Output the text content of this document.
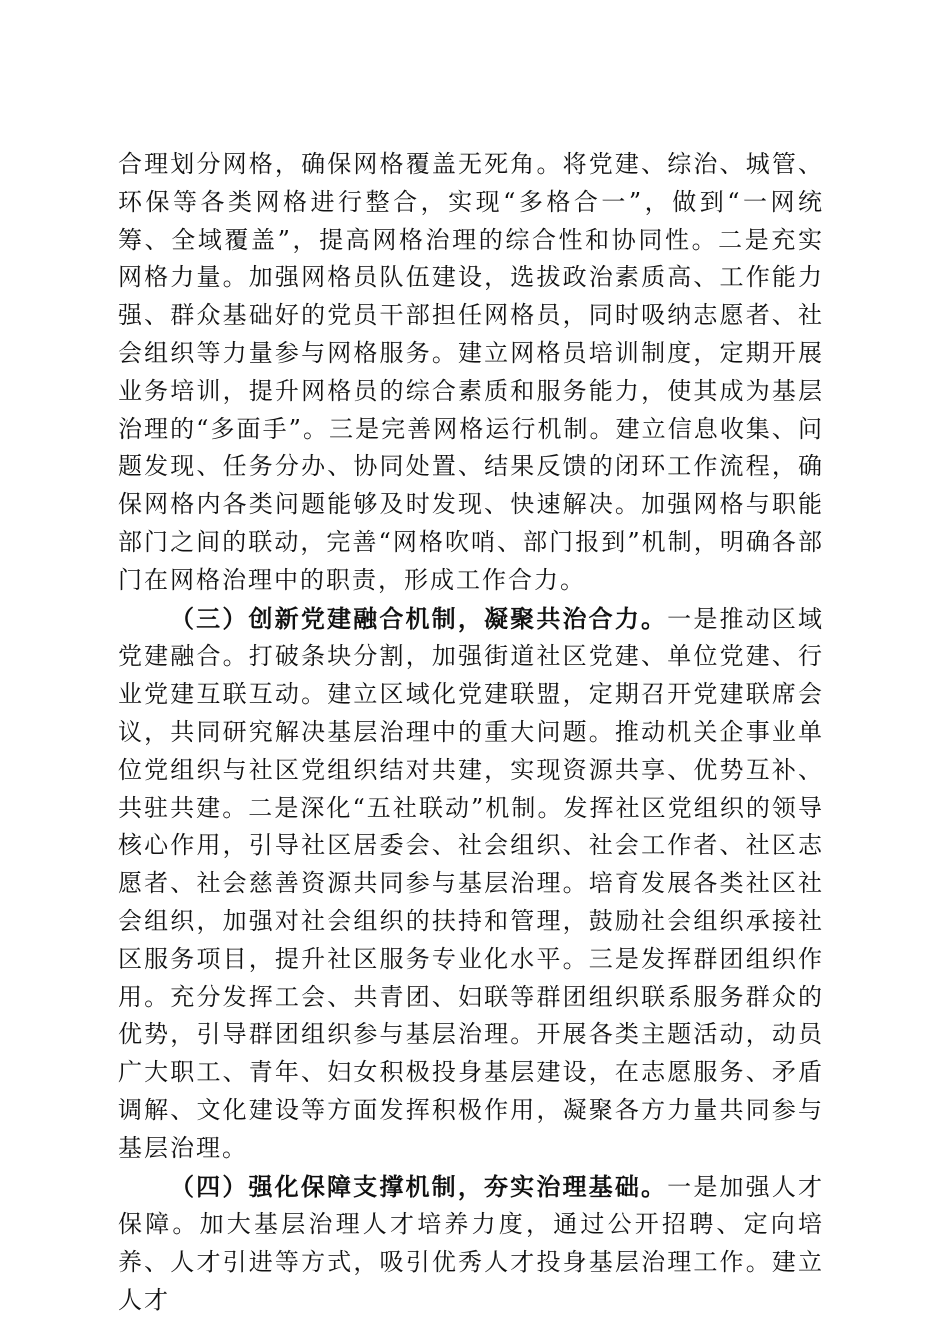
合理划分网格，确保网格覆盖无死角。将党建、综治、城管、环保等各类网格进行整合，实现“多格合一”，做到“一网统筹、全域覆盖”，提高网格治理的综合性和协同性。二是充实网格力量。加强网格员队伍建设，选拔政治素质高、工作能力强、群众基础好的党员干部担任网格员，同时吸纳志愿者、社会组织等力量参与网格服务。建立网格员培训制度，定期开展业务培训，提升网格员的综合素质和服务能力，使其成为基层治理的“多面手”。三是完善网格运行机制。建立信息收集、问题发现、任务分办、协同处置、结果反馈的闭环工作流程，确保网格内各类问题能够及时发现、快速解决。加强网格与职能部门之间的联动，完善“网格吹哨、部门报到”机制，明确各部门在网格治理中的职责，形成工作合力。

（三）创新党建融合机制，凝聚共治合力。一是推动区域党建融合。打破条块分割，加强街道社区党建、单位党建、行业党建互联互动。建立区域化党建联盟，定期召开党建联席会议，共同研究解决基层治理中的重大问题。推动机关企事业单位党组织与社区党组织结对共建，实现资源共享、优势互补、共驻共建。二是深化“五社联动”机制。发挥社区党组织的领导核心作用，引导社区居委会、社会组织、社会工作者、社区志愿者、社会慈善资源共同参与基层治理。培育发展各类社区社会组织，加强对社会组织的扶持和管理，鼓励社会组织承接社区服务项目，提升社区服务专业化水平。三是发挥群团组织作用。充分发挥工会、共青团、妇联等群团组织联系服务群众的优势，引导群团组织参与基层治理。开展各类主题活动，动员广大职工、青年、妇女积极投身基层建设，在志愿服务、矛盾调解、文化建设等方面发挥积极作用，凝聚各方力量共同参与基层治理。

（四）强化保障支撑机制，夯实治理基础。一是加强人才保障。加大基层治理人才培养力度，通过公开招聘、定向培养、人才引进等方式，吸引优秀人才投身基层治理工作。建立人才
